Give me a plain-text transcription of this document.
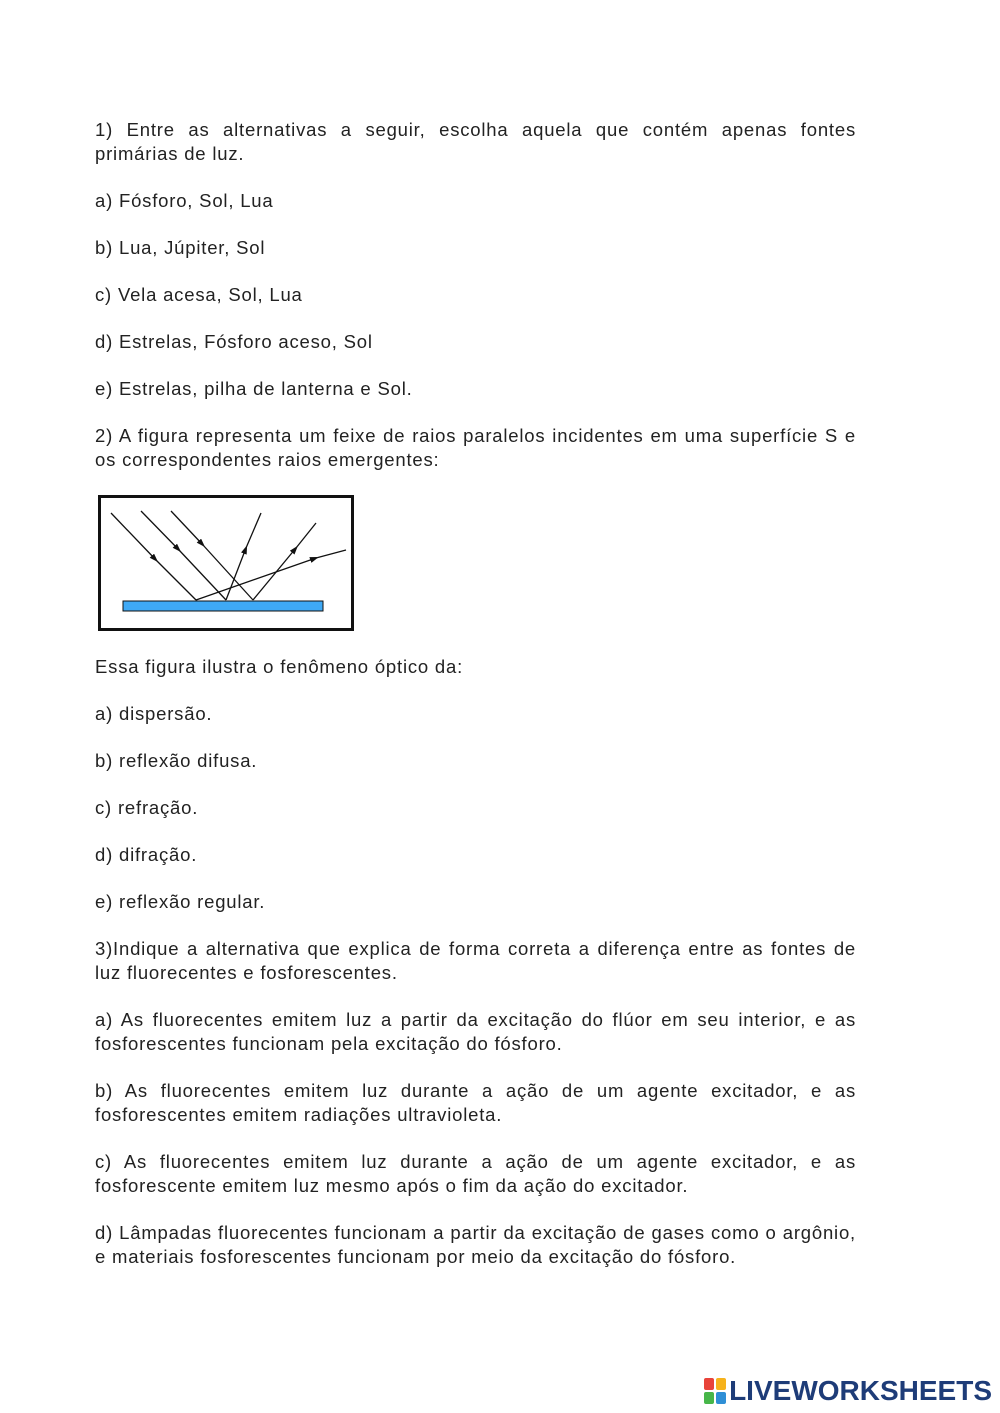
1) Entre as alternativas a seguir, escolha aquela que contém apenas fontes primárias de luz.

a) Fósforo, Sol, Lua

b) Lua, Júpiter, Sol

c) Vela acesa, Sol, Lua

d) Estrelas, Fósforo aceso, Sol

e) Estrelas, pilha de lanterna e Sol.

2) A figura representa um feixe de raios paralelos incidentes em uma superfície S e os correspondentes raios emergentes:

Essa figura ilustra o fenômeno óptico da:

a) dispersão.

b) reflexão difusa.

c) refração.

d) difração.

e) reflexão regular.

3)Indique a alternativa que explica de forma correta a diferença entre as fontes de luz fluorecentes e fosforescentes.

a) As fluorecentes emitem luz a partir da excitação do flúor em seu interior, e as fosforescentes funcionam pela excitação do fósforo.

b) As fluorecentes emitem luz durante a ação de um agente excitador, e as fosforescentes emitem radiações ultravioleta.

c) As fluorecentes emitem luz durante a ação de um agente excitador, e as fosforescente emitem luz mesmo após o fim da ação do excitador.

d) Lâmpadas fluorecentes funcionam a partir da excitação de gases como o argônio, e materiais fosforescentes funcionam por meio da excitação do fósforo.

LIVEWORKSHEETS
